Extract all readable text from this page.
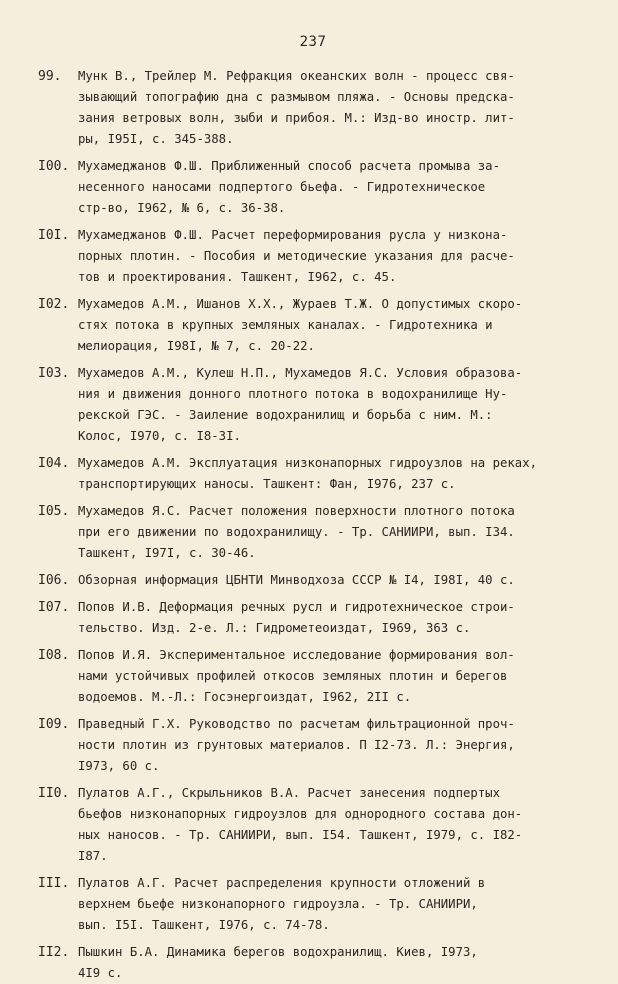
237
99.	Мунк В., Трейлер М. Рефракция океанских волн - процесс свя-
зывающий топографию дна с размывом пляжа. - Основы предска-
зания ветровых волн, зыби и прибоя. М.: Изд-во иностр. лит-
ры, I95I, с. 345-388.
I00. Мухамеджанов Ф.Ш. Приближенный способ расчета промыва за-
несенного наносами подпертого бьефа. - Гидротехническое
стр-во, I962, № 6, с. 36-38.
I0I. Мухамеджанов Ф.Ш. Расчет переформирования русла у низкона-
порных плотин. - Пособия и методические указания для расче-
тов и проектирования. Ташкент, I962, с. 45.
I02. Мухамедов А.М., Ишанов Х.Х., Жураев Т.Ж. О допустимых скоро-
стях потока в крупных земляных каналах. - Гидротехника и
мелиорация, I98I, № 7, с. 20-22.
I03. Мухамедов А.М., Кулеш Н.П., Мухамедов Я.С. Условия образова-
ния и движения донного плотного потока в водохранилище Ну-
рекской ГЭС. - Заиление водохранилищ и борьба с ним. М.:
Колос, I970, с. I8-3I.
I04. Мухамедов А.М. Эксплуатация низконапорных гидроузлов на реках,
транспортирующих наносы. Ташкент: Фан, I976, 237 с.
I05. Мухамедов Я.С. Расчет положения поверхности плотного потока
при его движении по водохранилищу. - Тр. САНИИРИ, вып. I34.
Ташкент, I97I, с. 30-46.
I06. Обзорная информация ЦБНТИ Минводхоза СССР № I4, I98I, 40 с.
I07. Попов И.В. Деформация речных русл и гидротехническое строи-
тельство. Изд. 2-е. Л.: Гидрометеоиздат, I969, 363 с.
I08. Попов И.Я. Экспериментальное исследование формирования вол-
нами устойчивых профилей откосов земляных плотин и берегов
водоемов. М.-Л.: Госэнергоиздат, I962, 2II с.
I09. Праведный Г.Х. Руководство по расчетам фильтрационной проч-
ности плотин из грунтовых материалов. П I2-73. Л.: Энергия,
I973, 60 с.
II0. Пулатов А.Г., Скрыльников В.А. Расчет занесения подпертых
бьефов низконапорных гидроузлов для однородного состава дон-
ных наносов. - Тр. САНИИРИ, вып. I54. Ташкент, I979, с. I82-
I87.
III. Пулатов А.Г. Расчет распределения крупности отложений в
верхнем бьефе низконапорного гидроузла. - Тр. САНИИРИ,
вып. I5I. Ташкент, I976, с. 74-78.
II2. Пышкин Б.А. Динамика берегов водохранилищ. Киев, I973,
4I9 с.
